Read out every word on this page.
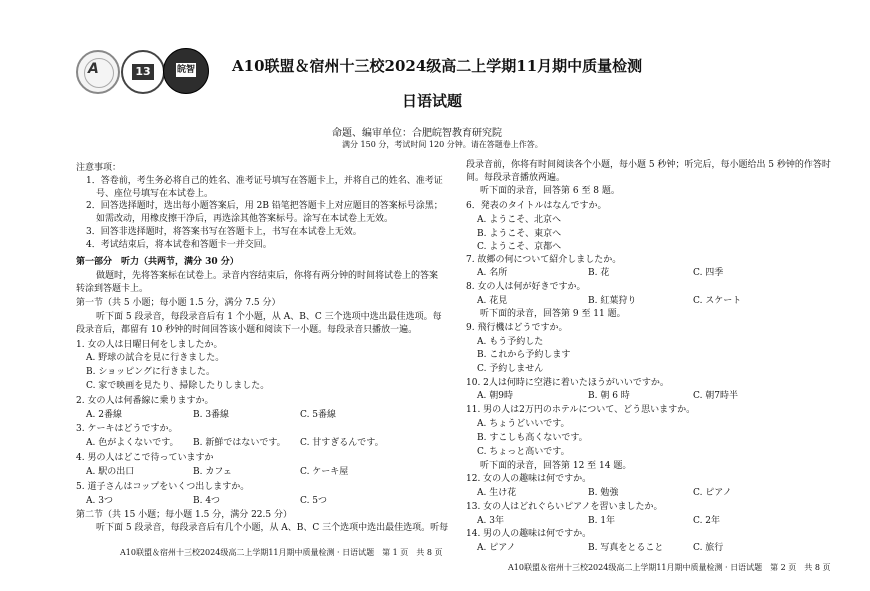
A	13	皖智 A10联盟＆宿州十三校2024级高二上学期11月期中质量检测
日语试题
命题、编审单位：合肥皖智教育研究院
满分 150 分，考试时间 120 分钟。请在答题卷上作答。
注意事项：
1．答卷前，考生务必将自己的姓名、准考证号填写在答题卡上，并将自己的姓名、准考证
号、座位号填写在本试卷上。
2．回答选择题时，选出每小题答案后，用 2B 铅笔把答题卡上对应题目的答案标号涂黑；
如需改动，用橡皮擦干净后，再选涂其他答案标号。涂写在本试卷上无效。
3．回答非选择题时，将答案书写在答题卡上，书写在本试卷上无效。
4．考试结束后，将本试卷和答题卡一并交回。
第一部分　听力（共两节，满分 30 分）
做题时，先将答案标在试卷上。录音内容结束后，你将有两分钟的时间将试卷上的答案
转涂到答题卡上。
第一节（共 5 小题；每小题 1.5 分，满分 7.5 分）
听下面 5 段录音，每段录音后有 1 个小题，从 A、B、C 三个选项中选出最佳选项。每
段录音后，都留有 10 秒钟的时间回答该小题和阅读下一小题。每段录音只播放一遍。
1. 女の人は日曜日何をしましたか。
A. 野球の試合を見に行きました。
B. ショッピングに行きました。
C. 家で映画を見たり、掃除したりしました。
2. 女の人は何番線に乗りますか。
A. 2番線	B. 3番線	C. 5番線
3. ケーキはどうですか。
A. 色がよくないです。 B. 新鮮ではないです。 C. 甘すぎるんです。
4. 男の人はどこで待っていますか
A. 駅の出口	B. カフェ	C. ケーキ屋
5. 道子さんはコップをいくつ出しますか。
A. 3つ	B. 4つ	C. 5つ
第二节（共 15 小题；每小题 1.5 分，满分 22.5 分）
听下面 5 段录音，每段录音后有几个小题，从 A、B、C 三个选项中选出最佳选项。听每
A10联盟＆宿州十三校2024级高二上学期11月期中质量检测 · 日语试题　第 1 页　共 8 页
段录音前，你将有时间阅读各个小题，每小题 5 秒钟；听完后，每小题给出 5 秒钟的作答时
间。每段录音播放两遍。
听下面的录音，回答第 6 至 8 题。
6．発表のタイトルはなんですか。
A. ようこそ、北京へ
B. ようこそ、東京へ
C. ようこそ、京都へ
7. 故郷の何について紹介しましたか。
A. 名所	B. 花	C. 四季
8. 女の人は何が好きですか。
A. 花見	B. 紅葉狩り	C. スケート
听下面的录音，回答第 9 至 11 题。
9. 飛行機はどうですか。
A. もう予約した
B. これから予約します
C. 予約しません
10. 2人は何時に空港に着いたほうがいいですか。
A. 朝9時	B. 朝 6 時	C. 朝7時半
11. 男の人は2万円のホテルについて、どう思いますか。
A. ちょうどいいです。
B. すこしも高くないです。
C. ちょっと高いです。
听下面的录音，回答第 12 至 14 题。
12. 女の人の趣味は何ですか。
A. 生け花	B. 勉強	C. ピアノ
13. 女の人はどれぐらいピアノを習いましたか。
A. 3年	B. 1年	C. 2年
14. 男の人の趣味は何ですか。
A. ピアノ	B. 写真をとること	C. 旅行
A10联盟＆宿州十三校2024级高二上学期11月期中质量检测 · 日语试题　第 2 页　共 8 页
